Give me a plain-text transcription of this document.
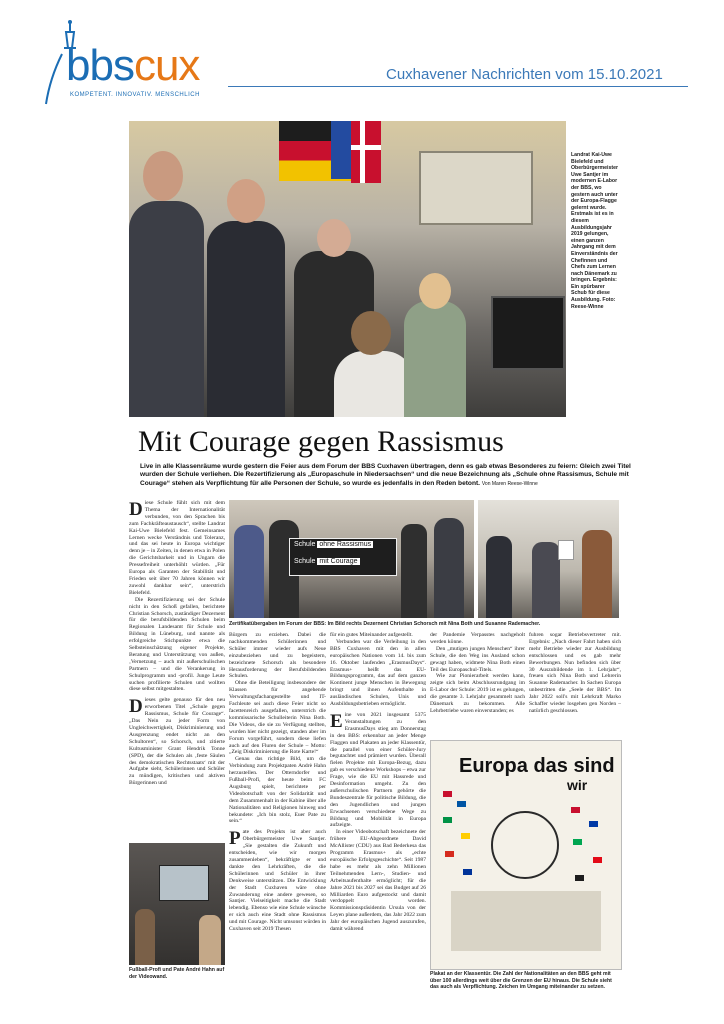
bbscux
KOMPETENT. INNOVATIV. MENSCHLICH
Cuxhavener Nachrichten vom 15.10.2021
Landrat Kai-Uwe Bielefeld und Oberbürgermeister Uwe Santjer im modernen E-Labor der BBS, wo gestern auch unter der Europa-Flagge gelernt wurde. Erstmals ist es in diesem Ausbildungsjahr 2019 gelungen, einen ganzen Jahrgang mit dem Einverständnis der Chefinnen und Chefs zum Lernen nach Dänemark zu bringen. Ergebnis: Ein spürbarer Schub für diese Ausbildung. Foto: Reese-Winne
Mit Courage gegen Rassismus
Live in alle Klassenräume wurde gestern die Feier aus dem Forum der BBS Cuxhaven übertragen, denn es gab etwas Besonderes zu feiern: Gleich zwei Titel wurden der Schule verliehen. Die Rezertifizierung als „Europaschule in Niedersachsen“ und die neue Bezeichnung als „Schule ohne Rassismus, Schule mit Courage“ stehen als Verpflichtung für alle Personen der Schule, so wurde es jedenfalls in den Reden betont. Von Maren Reese-Winne
Diese Schule fühlt sich mit dem Thema der Internationalität verbunden, von den Sprachen bis zum Fachkräfteaustausch“, stellte Landrat Kai-Uwe Bielefeld fest. Gemeinsames Lernen wecke Verständnis und Toleranz, und das sei heute in Europa wichtiger denn je – in Zeiten, in denen etwa in Polen die Gerichtsbarkeit und in Ungarn die Pressefreiheit unterhöhlt würden. „Für Europa als Garanten der Stabilität und Frieden seit über 70 Jahren können wir zuwohl dankbar sein“, unterstrich Bielefeld.
Die Rezertifizierung sei der Schule nicht in den Schoß gefallen, berichtete Christian Schorsch, zuständiger Dezernent für die berufsbildenden Schulen beim Regionalen Landesamt für Schule und Bildung in Lüneburg, und nannte als erfolgreiche Stichpunkte etwa die Selbsteinschätzung eigener Projekte, Beratung und Unterstützung von außen, ‚Vernetzung – auch mit außerschulischen Partnern – und die Verankerung in Schulprogramm und -profil. Junge Leute suchen profilierte Schulen und wollten diese selbst mitgestalten.
Dieses gelte genauso für den neu erworbenen Titel „Schule gegen Rassismus, Schule für Courage“. „Das Nein zu jeder Form von Ungleichwertigkeit, Diskriminierung und Ausgrenzung endet nicht an den Schultoren“, so Schorsch, und zitierte Kultusminister Grant Hendrik Tonne (SPD), der die Schulen als ‚feste Säulen des demokratischen Rechtsstaats‘ mit der Aufgabe sieht, Schülerinnen und Schüler zu mündigen, kritischen und aktiven Bürgerinnen und
Schule ohne Rassismus
Schule mit Courage
Zertifikatübergaben im Forum der BBS: Im Bild rechts Dezernent Christian Schorsch mit Nina Both und Susanne Rademacher.
Bürgern zu erziehen. Dabei die nachkommenden Schülerinnen und Schüler immer wieder aufs Neue einzubeziehen und zu begeistern, bezeichnete Schorsch als besondere Herausforderung der Berufsbildenden Schulen.
Ohne die Beteiligung insbesondere der Klassen für angehende Verwaltungsfachangestellte und IT-Fachleute sei auch diese Feier nicht so facettenreich ausgefallen, unterstrich die kommissarische Schulleiterin Nina Both. Die Videos, die sie zu Verfügung stellten, wurden hier nicht gezeigt, standen aber im Forum vorgeführt, sondern diese liefen auch auf den Fluren der Schule – Motto: „Zeig Diskriminierung die Rote Karte!“
Genau das richtige Bild, um die Verbindung zum Projektpaten Andrè Hahn herzustellen. Der Otterndorfer und Fußball-Profi, der heute beim FC Augsburg spielt, berichtete per Videobotschaft von der Solidarität und dem Zusammenhalt in der Kabine über alle Nationalitäten und Religionen hinweg und bekundete: „Ich bin stolz, Euer Pate zu sein.“
Pate des Projekts ist aber auch Oberbürgermeister Uwe Santjer. „Sie gestalten die Zukunft und entscheiden, wie wir morgen zusammenleben“, bekräftigte er und dankte den Lehrkräften, die die Schülerinnen und Schüler in ihrer Denkweise unterstützen. Die Entwicklung der Stadt Cuxhaven wäre ohne Zuwanderung eine andere gewesen, so Santjer. Vielseitigkeit mache die Stadt lebendig. Ebenso wie eine Schule wünsche er sich auch eine Stadt ohne Rassismus und mit Courage. Nicht umsonst würden in Cuxhaven seit 2019 Thesen
für ein gutes Miteinander aufgestellt.
Verbunden war die Verleihung in den BBS Cuxhaven mit den in allen europäischen Nationen vom 14. bis zum 16. Oktober laufenden „ErasmusDays“. Erasmus+ heißt das EU-Bildungsprogramm, das auf dem ganzen Kontinent junge Menschen in Bewegung bringt und ihnen Aufenthalte in ausländischen Schulen, Unis und Ausbildungsbetrieben ermöglicht.
Eine von 2021 insgesamt 5375 Veranstaltungen zu den ErasmusDays stieg am Donnerstag in den BBS: erkennbar an jeder Menge Flaggen und Plakaten an jeder Klassentür, die parallel von einer Schüler-Jury begutachtet und prämiert wurden. Überall fielen Projekte mit Europa-Bezug, dazu gab es verschiedene Workshops – etwa zur Frage, wie die EU mit Hassrede und Desinformation umgeht. Zu den außerschulischen Partnern gehörte die Bundeszentrale für politische Bildung, die den Jugendlichen und jungen Erwachsenen verschiedene Wege zu Bildung und Mobilität in Europa aufzeigte.
In einer Videobotschaft bezeichnete der frühere EU-Abgeordnete David McAllister (CDU) aus Bad Bederkesa das Programm Erasmus+ als „echte europäische Erfolgsgeschichte“. Seit 1987 habe es mehr als zehn Millionen Teilnehmenden Lern-, Studien- und Arbeitsaufenthalte ermöglicht; für die Jahre 2021 bis 2027 sei das Budget auf 26 Milliarden Euro aufgestockt und damit verdoppelt worden. Kommissionspräsidentin Ursula von der Leyen plane außerdem, das Jahr 2022 zum Jahr der europäischen Jugend auszurufen, damit während
der Pandemie Verpasstes nachgeholt werden könne.
Den „mutigen jungen Menschen“ ihrer Schule, die den Weg ins Ausland schon gewagt haben, widmete Nina Both einen Teil des Europaschul-Titels.
Wie zur Pionierarbeit werden kann, zeigte sich beim Abschlussrundgang im E-Labor der Schule: 2019 ist es gelungen, die gesamte 3. Lehrjahr gesammelt nach Dänemark zu bekommen. Alle Lehrbetriebe waren einverstanden; es
fuhren sogar Betriebsvertreter mit. Ergebnis: „Nach dieser Fahrt haben sich mehr Betriebe wieder zur Ausbildung entschlossen und es gab mehr Bewerbungen. Nun befinden sich über 30 Auszubildende im 1. Lehrjahr“, freuen sich Nina Both und Lehrerin Susanne Rademacher. In Sachen Europa unbestritten die „Seele der BBS“. Im Jahr 2022 soll's mit Lehrkraft Marko Schaffer wieder losgehen gen Norden – natürlich geschlossen.
Fußball-Profi und Pate André Hahn auf der Videowand.
Europa das sind
wir
Plakat an der Klassentür. Die Zahl der Nationalitäten an den BBS geht mit über 100 allerdings weit über die Grenzen der EU hinaus. Die Schule sieht das auch als Verpflichtung. Zeichen im Umgang miteinander zu setzen.
